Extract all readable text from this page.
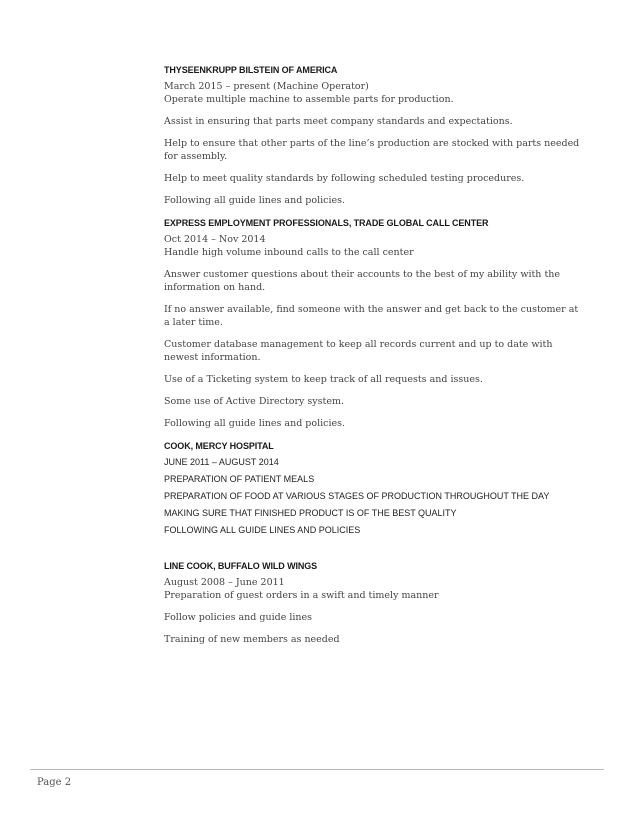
THYSEENKRUPP BILSTEIN OF AMERICA

March 2015 – present (Machine Operator)

Operate multiple machine to assemble parts for production.

Assist in ensuring that parts meet company standards and expectations.

Help to ensure that other parts of the line’s production are stocked with parts needed for assembly.

Help to meet quality standards by following scheduled testing procedures.

Following all guide lines and policies.

EXPRESS EMPLOYMENT PROFESSIONALS, TRADE GLOBAL CALL CENTER

Oct 2014 – Nov 2014

Handle high volume inbound calls to the call center

Answer customer questions about their accounts to the best of my ability with the information on hand.

If no answer available, find someone with the answer and get back to the customer at a later time.

Customer database management to keep all records current and up to date with newest information.

Use of a Ticketing system to keep track of all requests and issues.

Some use of Active Directory system.

Following all guide lines and policies.

COOK, MERCY HOSPITAL

JUNE 2011 – AUGUST 2014

PREPARATION OF PATIENT MEALS

PREPARATION OF FOOD AT VARIOUS STAGES OF PRODUCTION THROUGHOUT THE DAY

MAKING SURE THAT FINISHED PRODUCT IS OF THE BEST QUALITY

FOLLOWING ALL GUIDE LINES AND POLICIES

LINE COOK, BUFFALO WILD WINGS

August 2008 – June 2011

Preparation of guest orders in a swift and timely manner

Follow policies and guide lines

Training of new members as needed

Page 2
